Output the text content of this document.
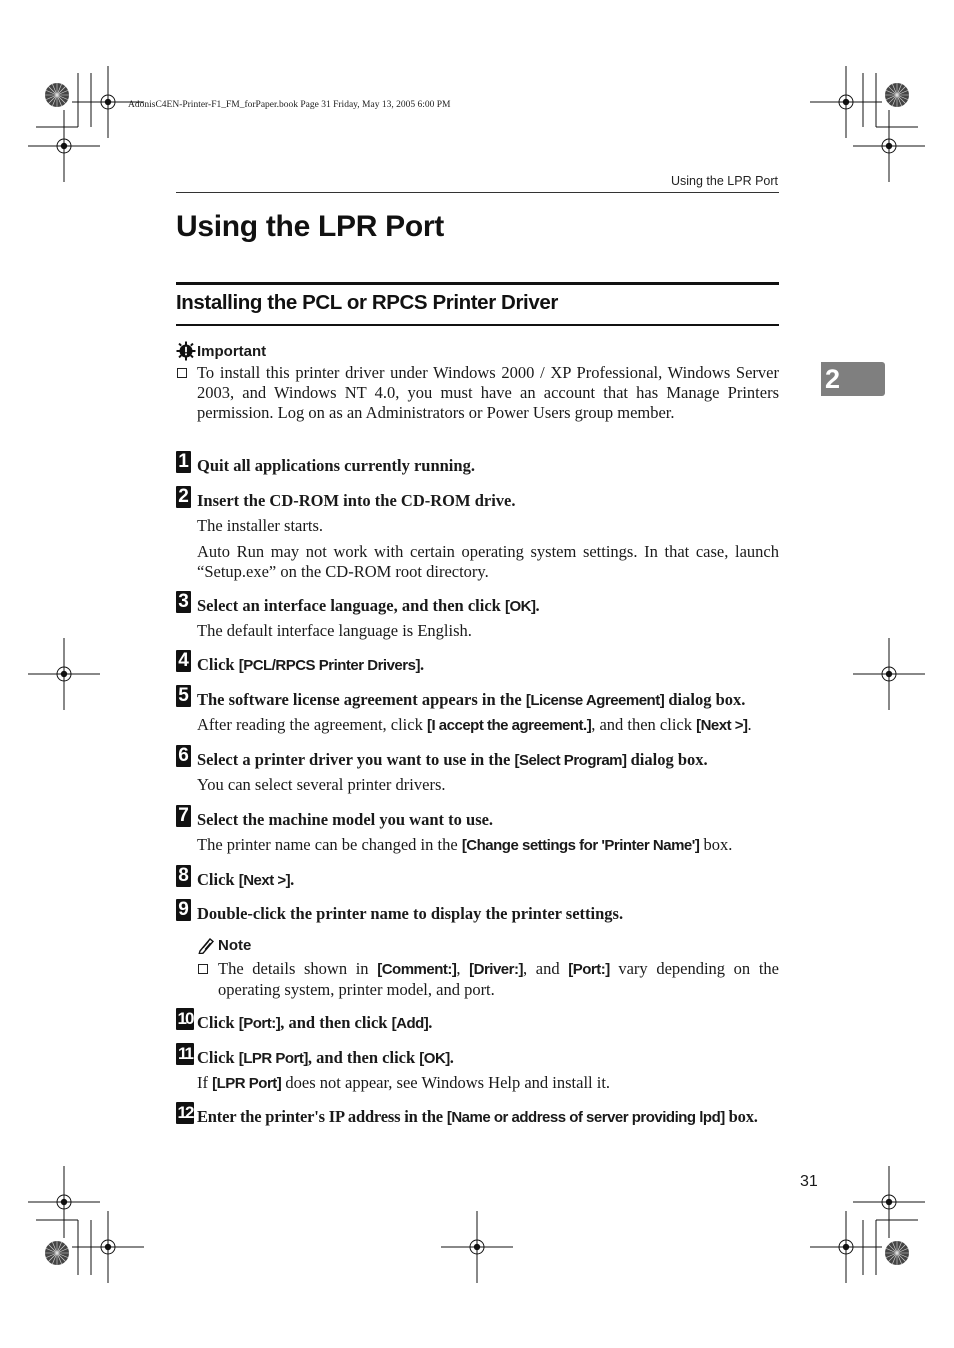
AdonisC4EN-Printer-F1_FM_forPaper.book Page 31 Friday, May 13, 2005 6:00 PM
Using the LPR Port
Using the LPR Port
Installing the PCL or RPCS Printer Driver
2
Important
To install this printer driver under Windows 2000 / XP Professional, Windows Server 2003, and Windows NT 4.0, you must have an account that has Manage Printers permission. Log on as an Administrators or Power Users group member.
1 Quit all applications currently running.
2 Insert the CD-ROM into the CD-ROM drive.
The installer starts.
Auto Run may not work with certain operating system settings. In that case, launch “Setup.exe” on the CD-ROM root directory.
3 Select an interface language, and then click [OK].
The default interface language is English.
4 Click [PCL/RPCS Printer Drivers].
5 The software license agreement appears in the [License Agreement] dialog box.
After reading the agreement, click [I accept the agreement.], and then click [Next >].
6 Select a printer driver you want to use in the [Select Program] dialog box.
You can select several printer drivers.
7 Select the machine model you want to use.
The printer name can be changed in the [Change settings for 'Printer Name'] box.
8 Click [Next >].
9 Double-click the printer name to display the printer settings.
Note
The details shown in [Comment:], [Driver:], and [Port:] vary depending on the operating system, printer model, and port.
10 Click [Port:], and then click [Add].
11 Click [LPR Port], and then click [OK].
If [LPR Port] does not appear, see Windows Help and install it.
12 Enter the printer's IP address in the [Name or address of server providing lpd] box.
31
